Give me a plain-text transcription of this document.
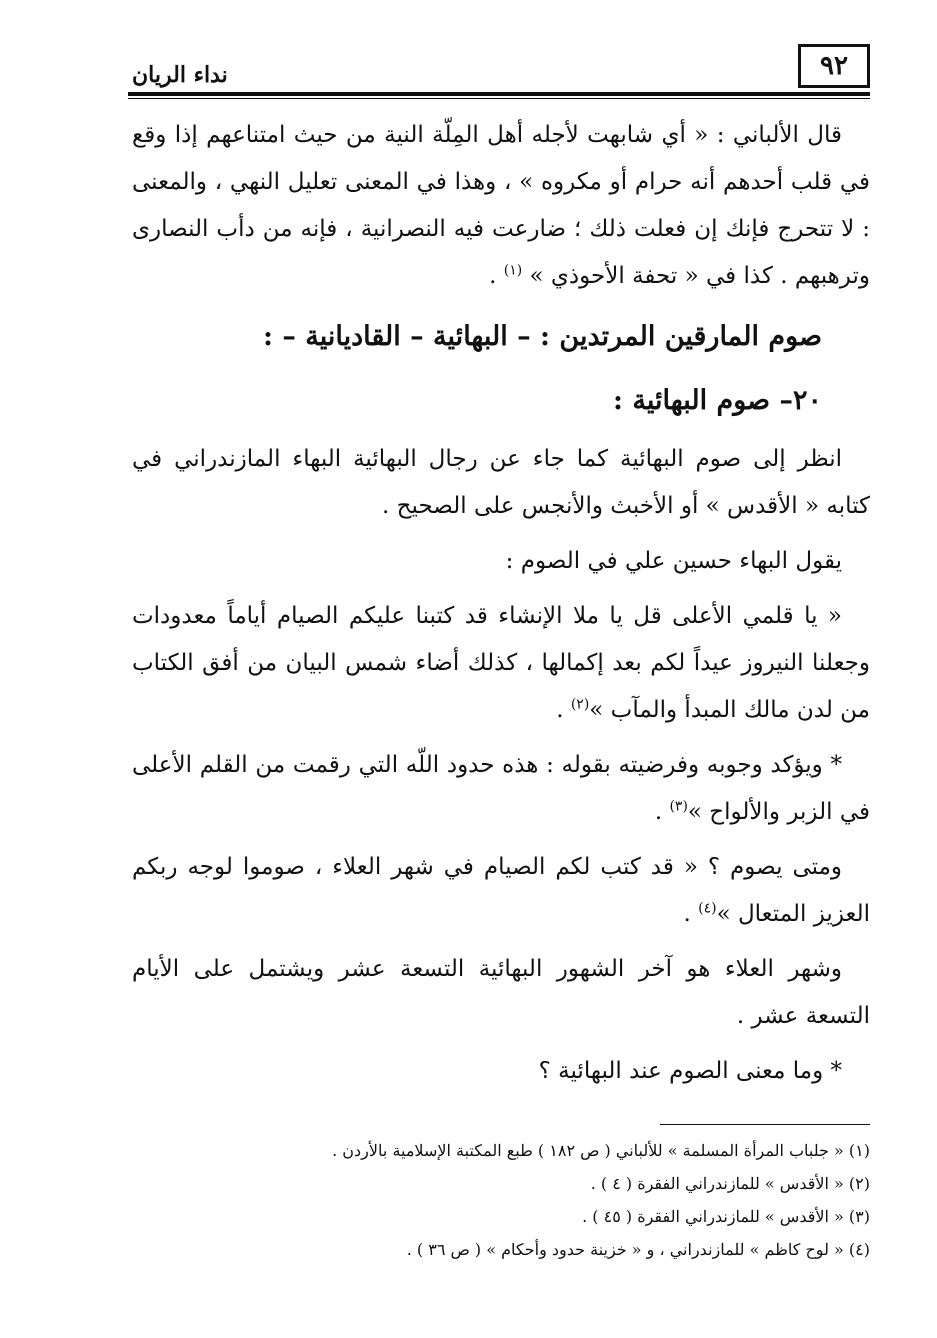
٩٢
نداء الريان

قال الألباني : « أي شابهت لأجله أهل المِلّة النية من حيث امتناعهم إذا وقع في قلب أحدهم أنه حرام أو مكروه » ، وهذا في المعنى تعليل النهي ، والمعنى : لا تتحرج فإنك إن فعلت ذلك ؛ ضارعت فيه النصرانية ، فإنه من دأب النصارى وترهبهم . كذا في « تحفة الأحوذي » $^{(١)}$ .

صوم المارقين المرتدين : – البهائية – القاديانية – :
٢٠– صوم البهائية :

انظر إلى صوم البهائية كما جاء عن رجال البهائية البهاء المازندراني في كتابه « الأقدس » أو الأخبث والأنجس على الصحيح .

يقول البهاء حسين علي في الصوم :

« يا قلمي الأعلى قل يا ملا الإنشاء قد كتبنا عليكم الصيام أياماً معدودات وجعلنا النيروز عيداً لكم بعد إكمالها ، كذلك أضاء شمس البيان من أفق الكتاب من لدن مالك المبدأ والمآب »$^{(٢)}$ .

* ويؤكد وجوبه وفرضيته بقوله : هذه حدود اللّه التي رقمت من القلم الأعلى في الزبر والألواح »$^{(٣)}$ .

ومتى يصوم ؟ « قد كتب لكم الصيام في شهر العلاء ، صوموا لوجه ربكم العزيز المتعال »$^{(٤)}$ .

وشهر العلاء هو آخر الشهور البهائية التسعة عشر ويشتمل على الأيام التسعة عشر .

* وما معنى الصوم عند البهائية ؟

(١) « جلباب المرأة المسلمة » للألباني ( ص ١٨٢ ) طبع المكتبة الإسلامية بالأردن .
(٢) « الأقدس » للمازندراني الفقرة ( ٤ ) .
(٣) « الأقدس » للمازندراني الفقرة ( ٤٥ ) .
(٤) « لوح كاظم » للمازندراني ، و « خزينة حدود وأحكام » ( ص ٣٦ ) .
